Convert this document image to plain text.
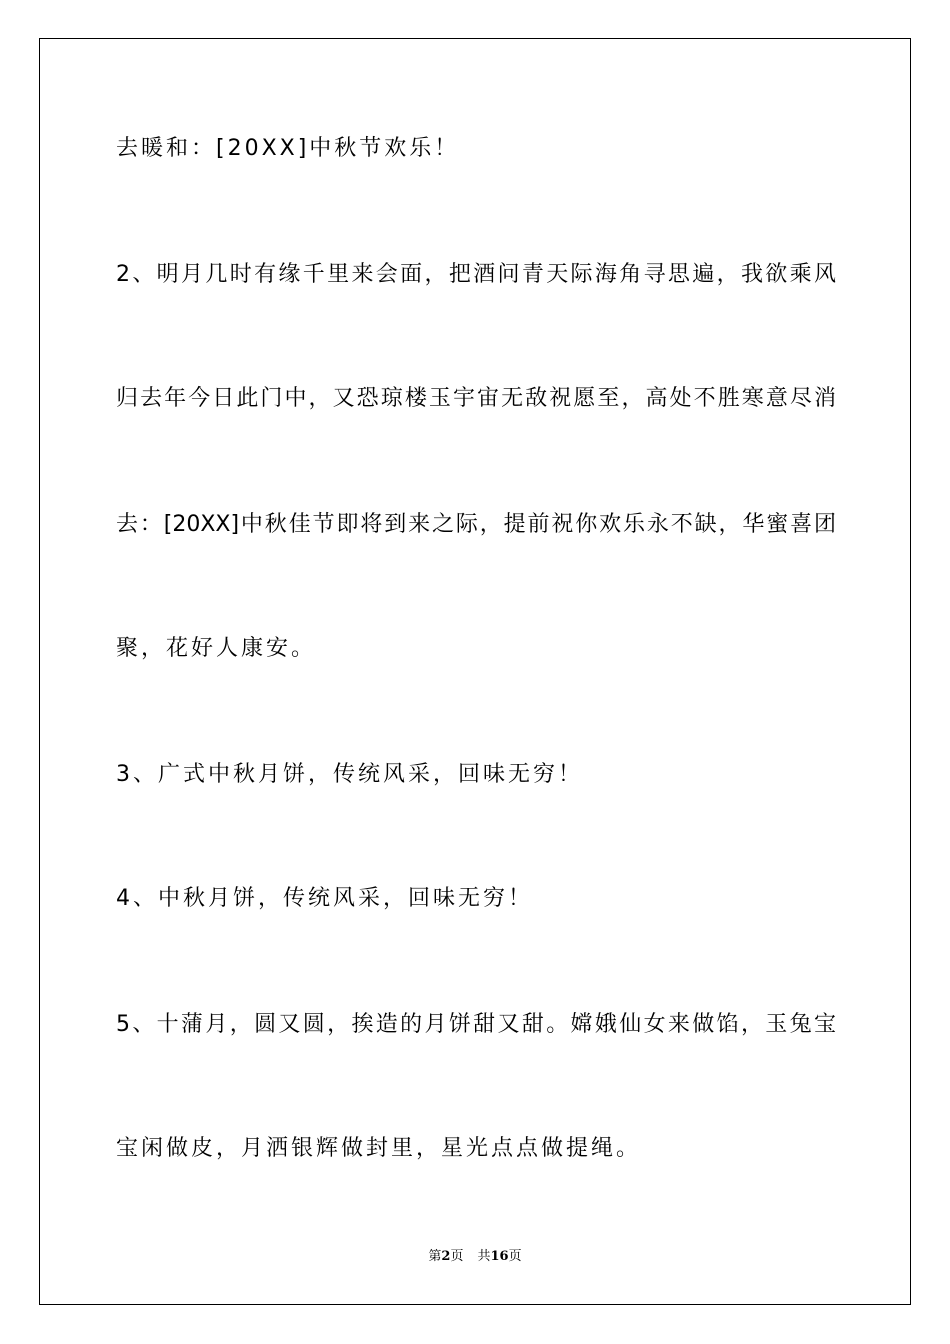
去暖和：[20XX]中秋节欢乐！
2、明月几时有缘千里来会面，把酒问青天际海角寻思遍，我欲乘风
归去年今日此门中，又恐琼楼玉宇宙无敌祝愿至，高处不胜寒意尽消
去：[20XX]中秋佳节即将到来之际，提前祝你欢乐永不缺，华蜜喜团
聚，花好人康安。
3、广式中秋月饼，传统风采，回味无穷！
4、中秋月饼，传统风采，回味无穷！
5、十蒲月，圆又圆，挨造的月饼甜又甜。嫦娥仙女来做馅，玉兔宝
宝闲做皮，月洒银辉做封里，星光点点做提绳。
第2页 共16页
